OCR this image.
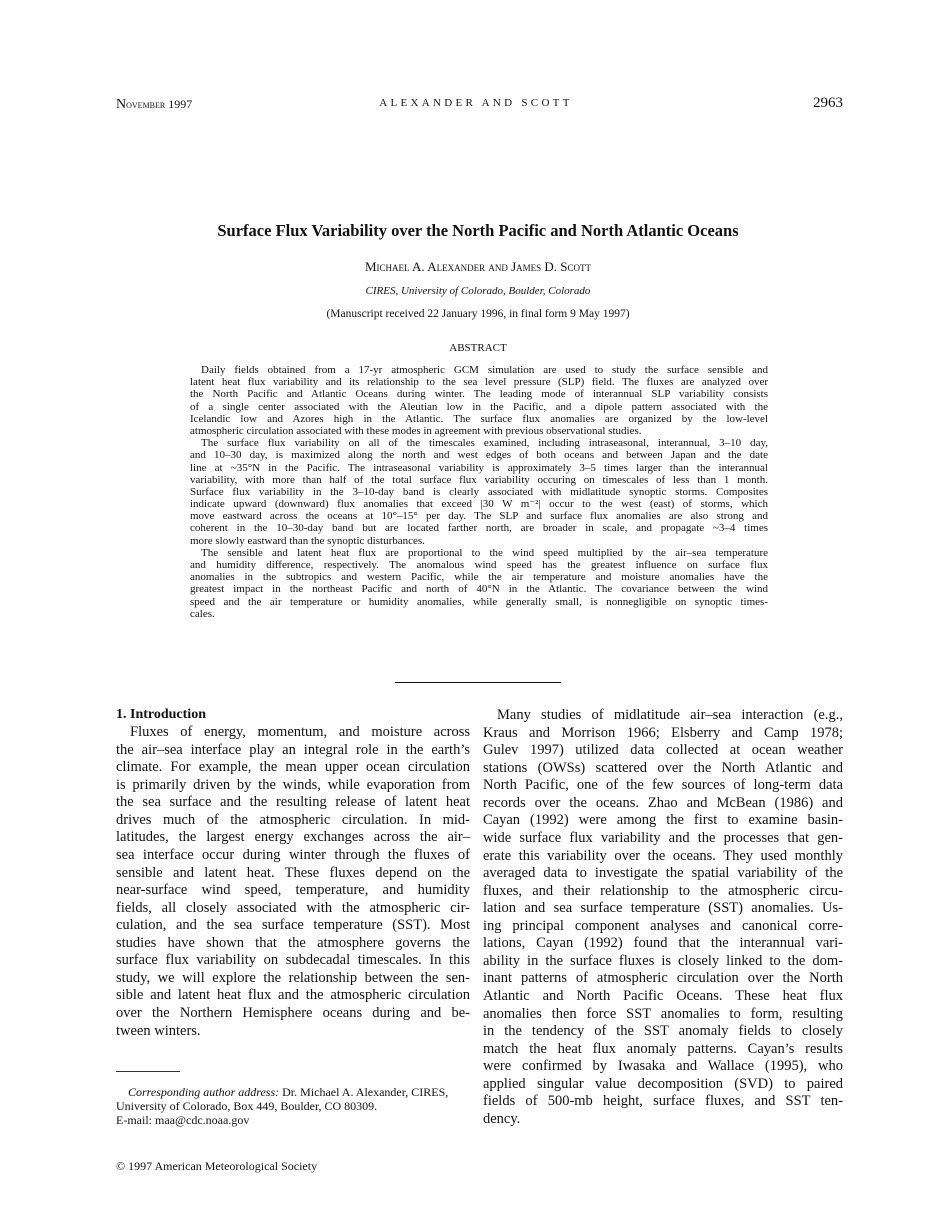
November 1997	ALEXANDER AND SCOTT	2963
Surface Flux Variability over the North Pacific and North Atlantic Oceans
Michael A. Alexander and James D. Scott
CIRES, University of Colorado, Boulder, Colorado
(Manuscript received 22 January 1996, in final form 9 May 1997)
ABSTRACT
Daily fields obtained from a 17-yr atmospheric GCM simulation are used to study the surface sensible and
latent heat flux variability and its relationship to the sea level pressure (SLP) field. The fluxes are analyzed over
the North Pacific and Atlantic Oceans during winter. The leading mode of interannual SLP variability consists
of a single center associated with the Aleutian low in the Pacific, and a dipole pattern associated with the
Icelandic low and Azores high in the Atlantic. The surface flux anomalies are organized by the low-level
atmospheric circulation associated with these modes in agreement with previous observational studies.
The surface flux variability on all of the timescales examined, including intraseasonal, interannual, 3–10 day,
and 10–30 day, is maximized along the north and west edges of both oceans and between Japan and the date
line at ~35°N in the Pacific. The intraseasonal variability is approximately 3–5 times larger than the interannual
variability, with more than half of the total surface flux variability occuring on timescales of less than 1 month.
Surface flux variability in the 3–10-day band is clearly associated with midlatitude synoptic storms. Composites
indicate upward (downward) flux anomalies that exceed |30 W m⁻²| occur to the west (east) of storms, which
move eastward across the oceans at 10°–15° per day. The SLP and surface flux anomalies are also strong and
coherent in the 10–30-day band but are located farther north, are broader in scale, and propagate ~3–4 times
more slowly eastward than the synoptic disturbances.
The sensible and latent heat flux are proportional to the wind speed multiplied by the air–sea temperature
and humidity difference, respectively. The anomalous wind speed has the greatest influence on surface flux
anomalies in the subtropics and western Pacific, while the air temperature and moisture anomalies have the
greatest impact in the northeast Pacific and north of 40°N in the Atlantic. The covariance between the wind
speed and the air temperature or humidity anomalies, while generally small, is nonnegligible on synoptic times-
cales.
1. Introduction
Fluxes of energy, momentum, and moisture across
the air–sea interface play an integral role in the earth’s
climate. For example, the mean upper ocean circulation
is primarily driven by the winds, while evaporation from
the sea surface and the resulting release of latent heat
drives much of the atmospheric circulation. In mid-
latitudes, the largest energy exchanges across the air–
sea interface occur during winter through the fluxes of
sensible and latent heat. These fluxes depend on the
near-surface wind speed, temperature, and humidity
fields, all closely associated with the atmospheric cir-
culation, and the sea surface temperature (SST). Most
studies have shown that the atmosphere governs the
surface flux variability on subdecadal timescales. In this
study, we will explore the relationship between the sen-
sible and latent heat flux and the atmospheric circulation
over the Northern Hemisphere oceans during and be-
tween winters.
Many studies of midlatitude air–sea interaction (e.g.,
Kraus and Morrison 1966; Elsberry and Camp 1978;
Gulev 1997) utilized data collected at ocean weather
stations (OWSs) scattered over the North Atlantic and
North Pacific, one of the few sources of long-term data
records over the oceans. Zhao and McBean (1986) and
Cayan (1992) were among the first to examine basin-
wide surface flux variability and the processes that gen-
erate this variability over the oceans. They used monthly
averaged data to investigate the spatial variability of the
fluxes, and their relationship to the atmospheric circu-
lation and sea surface temperature (SST) anomalies. Us-
ing principal component analyses and canonical corre-
lations, Cayan (1992) found that the interannual vari-
ability in the surface fluxes is closely linked to the dom-
inant patterns of atmospheric circulation over the North
Atlantic and North Pacific Oceans. These heat flux
anomalies then force SST anomalies to form, resulting
in the tendency of the SST anomaly fields to closely
match the heat flux anomaly patterns. Cayan’s results
were confirmed by Iwasaka and Wallace (1995), who
applied singular value decomposition (SVD) to paired
fields of 500-mb height, surface fluxes, and SST ten-
dency.
Corresponding author address: Dr. Michael A. Alexander, CIRES,
University of Colorado, Box 449, Boulder, CO 80309.
E-mail: maa@cdc.noaa.gov
© 1997 American Meteorological Society
